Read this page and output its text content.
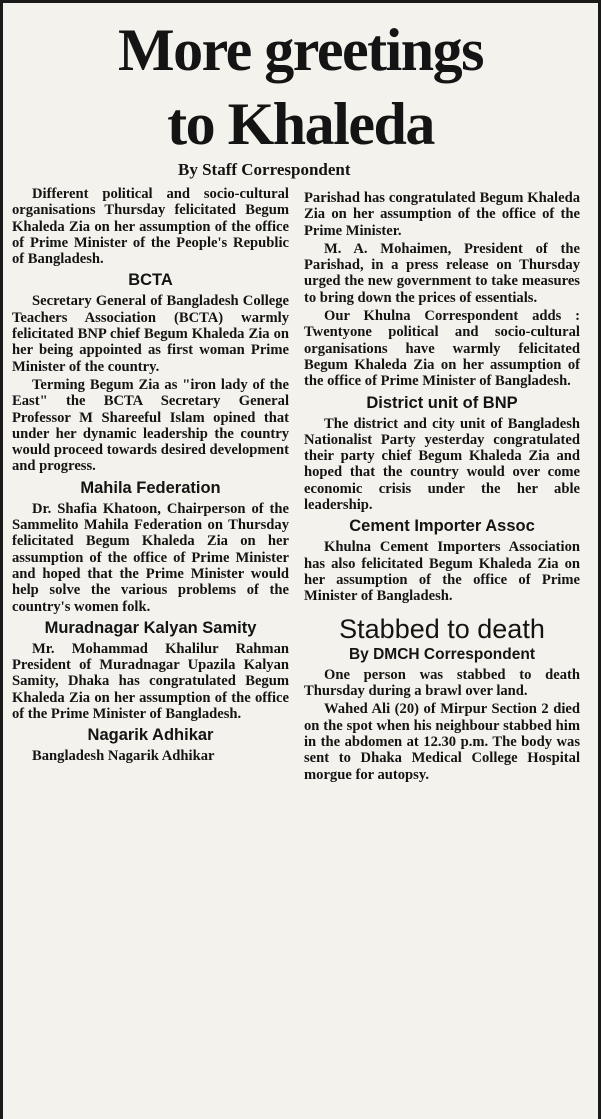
More greetings
to Khaleda
By Staff Correspondent

Different political and socio-cultural organisations Thursday felicitated Begum Khaleda Zia on her assumption of the office of Prime Minister of the People's Republic of Bangladesh.

BCTA

Secretary General of Bangladesh College Teachers Association (BCTA) warmly felicitated BNP chief Begum Khaleda Zia on her being appointed as first woman Prime Minister of the country.

Terming Begum Zia as "iron lady of the East" the BCTA Secretary General Professor M Shareeful Islam opined that under her dynamic leadership the country would proceed towards desired development and progress.

Mahila Federation

Dr. Shafia Khatoon, Chairperson of the Sammelito Mahila Federation on Thursday felicitated Begum Khaleda Zia on her assumption of the office of Prime Minister and hoped that the Prime Minister would help solve the various problems of the country's women folk.

Muradnagar Kalyan Samity

Mr. Mohammad Khalilur Rahman President of Muradnagar Upazila Kalyan Samity, Dhaka has congratulated Begum Khaleda Zia on her assumption of the office of the Prime Minister of Bangladesh.

Nagarik Adhikar

Bangladesh Nagarik Adhikar

Parishad has congratulated Begum Khaleda Zia on her assumption of the office of the Prime Minister.

M. A. Mohaimen, President of the Parishad, in a press release on Thursday urged the new government to take measures to bring down the prices of essentials.

Our Khulna Correspondent adds : Twentyone political and socio-cultural organisations have warmly felicitated Begum Khaleda Zia on her assumption of the office of Prime Minister of Bangladesh.

District unit of BNP

The district and city unit of Bangladesh Nationalist Party yesterday congratulated their party chief Begum Khaleda Zia and hoped that the country would over come economic crisis under the her able leadership.

Cement Importer Assoc

Khulna Cement Importers Association has also felicitated Begum Khaleda Zia on her assumption of the office of Prime Minister of Bangladesh.

Stabbed to death
By DMCH Correspondent

One person was stabbed to death Thursday during a brawl over land.

Wahed Ali (20) of Mirpur Section 2 died on the spot when his neighbour stabbed him in the abdomen at 12.30 p.m. The body was sent to Dhaka Medical College Hospital morgue for autopsy.
